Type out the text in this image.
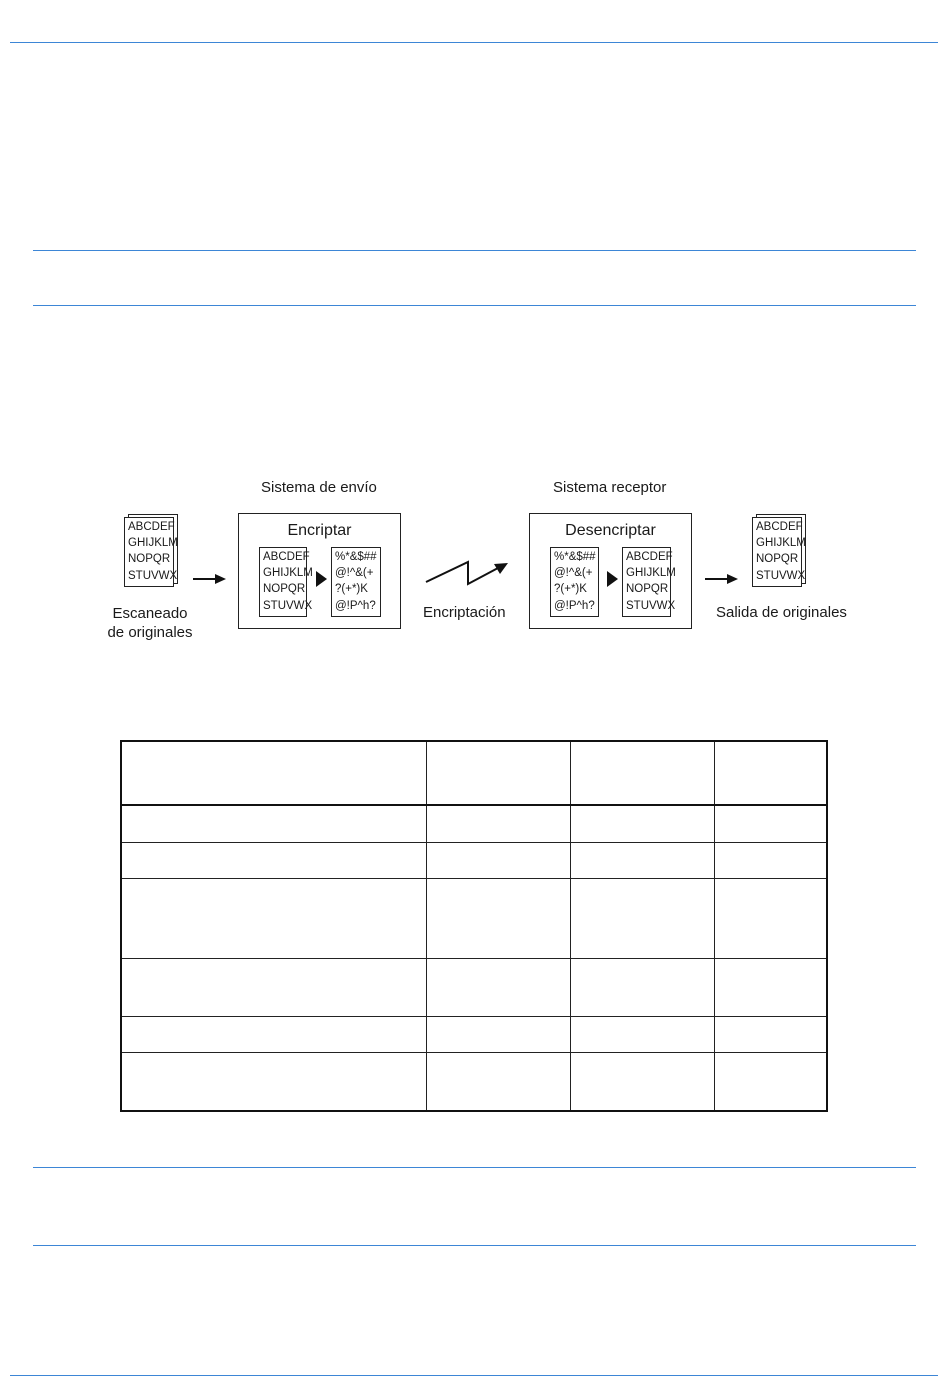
Sistema de envío	Sistema receptor
ABCDEF
GHIJKLM
NOPQR
STUVWX
Escaneado
de originales
Encriptar
ABCDEF
GHIJKLM
NOPQR
STUVWX
%*&$##
@!^&(+
?(+*)K
@!P^h?	Encriptación
Desencriptar
%*&$##
@!^&(+
?(+*)K
@!P^h?
ABCDEF
GHIJKLM
NOPQR
STUVWX
ABCDEF
GHIJKLM
NOPQR
STUVWX
Salida de originales
